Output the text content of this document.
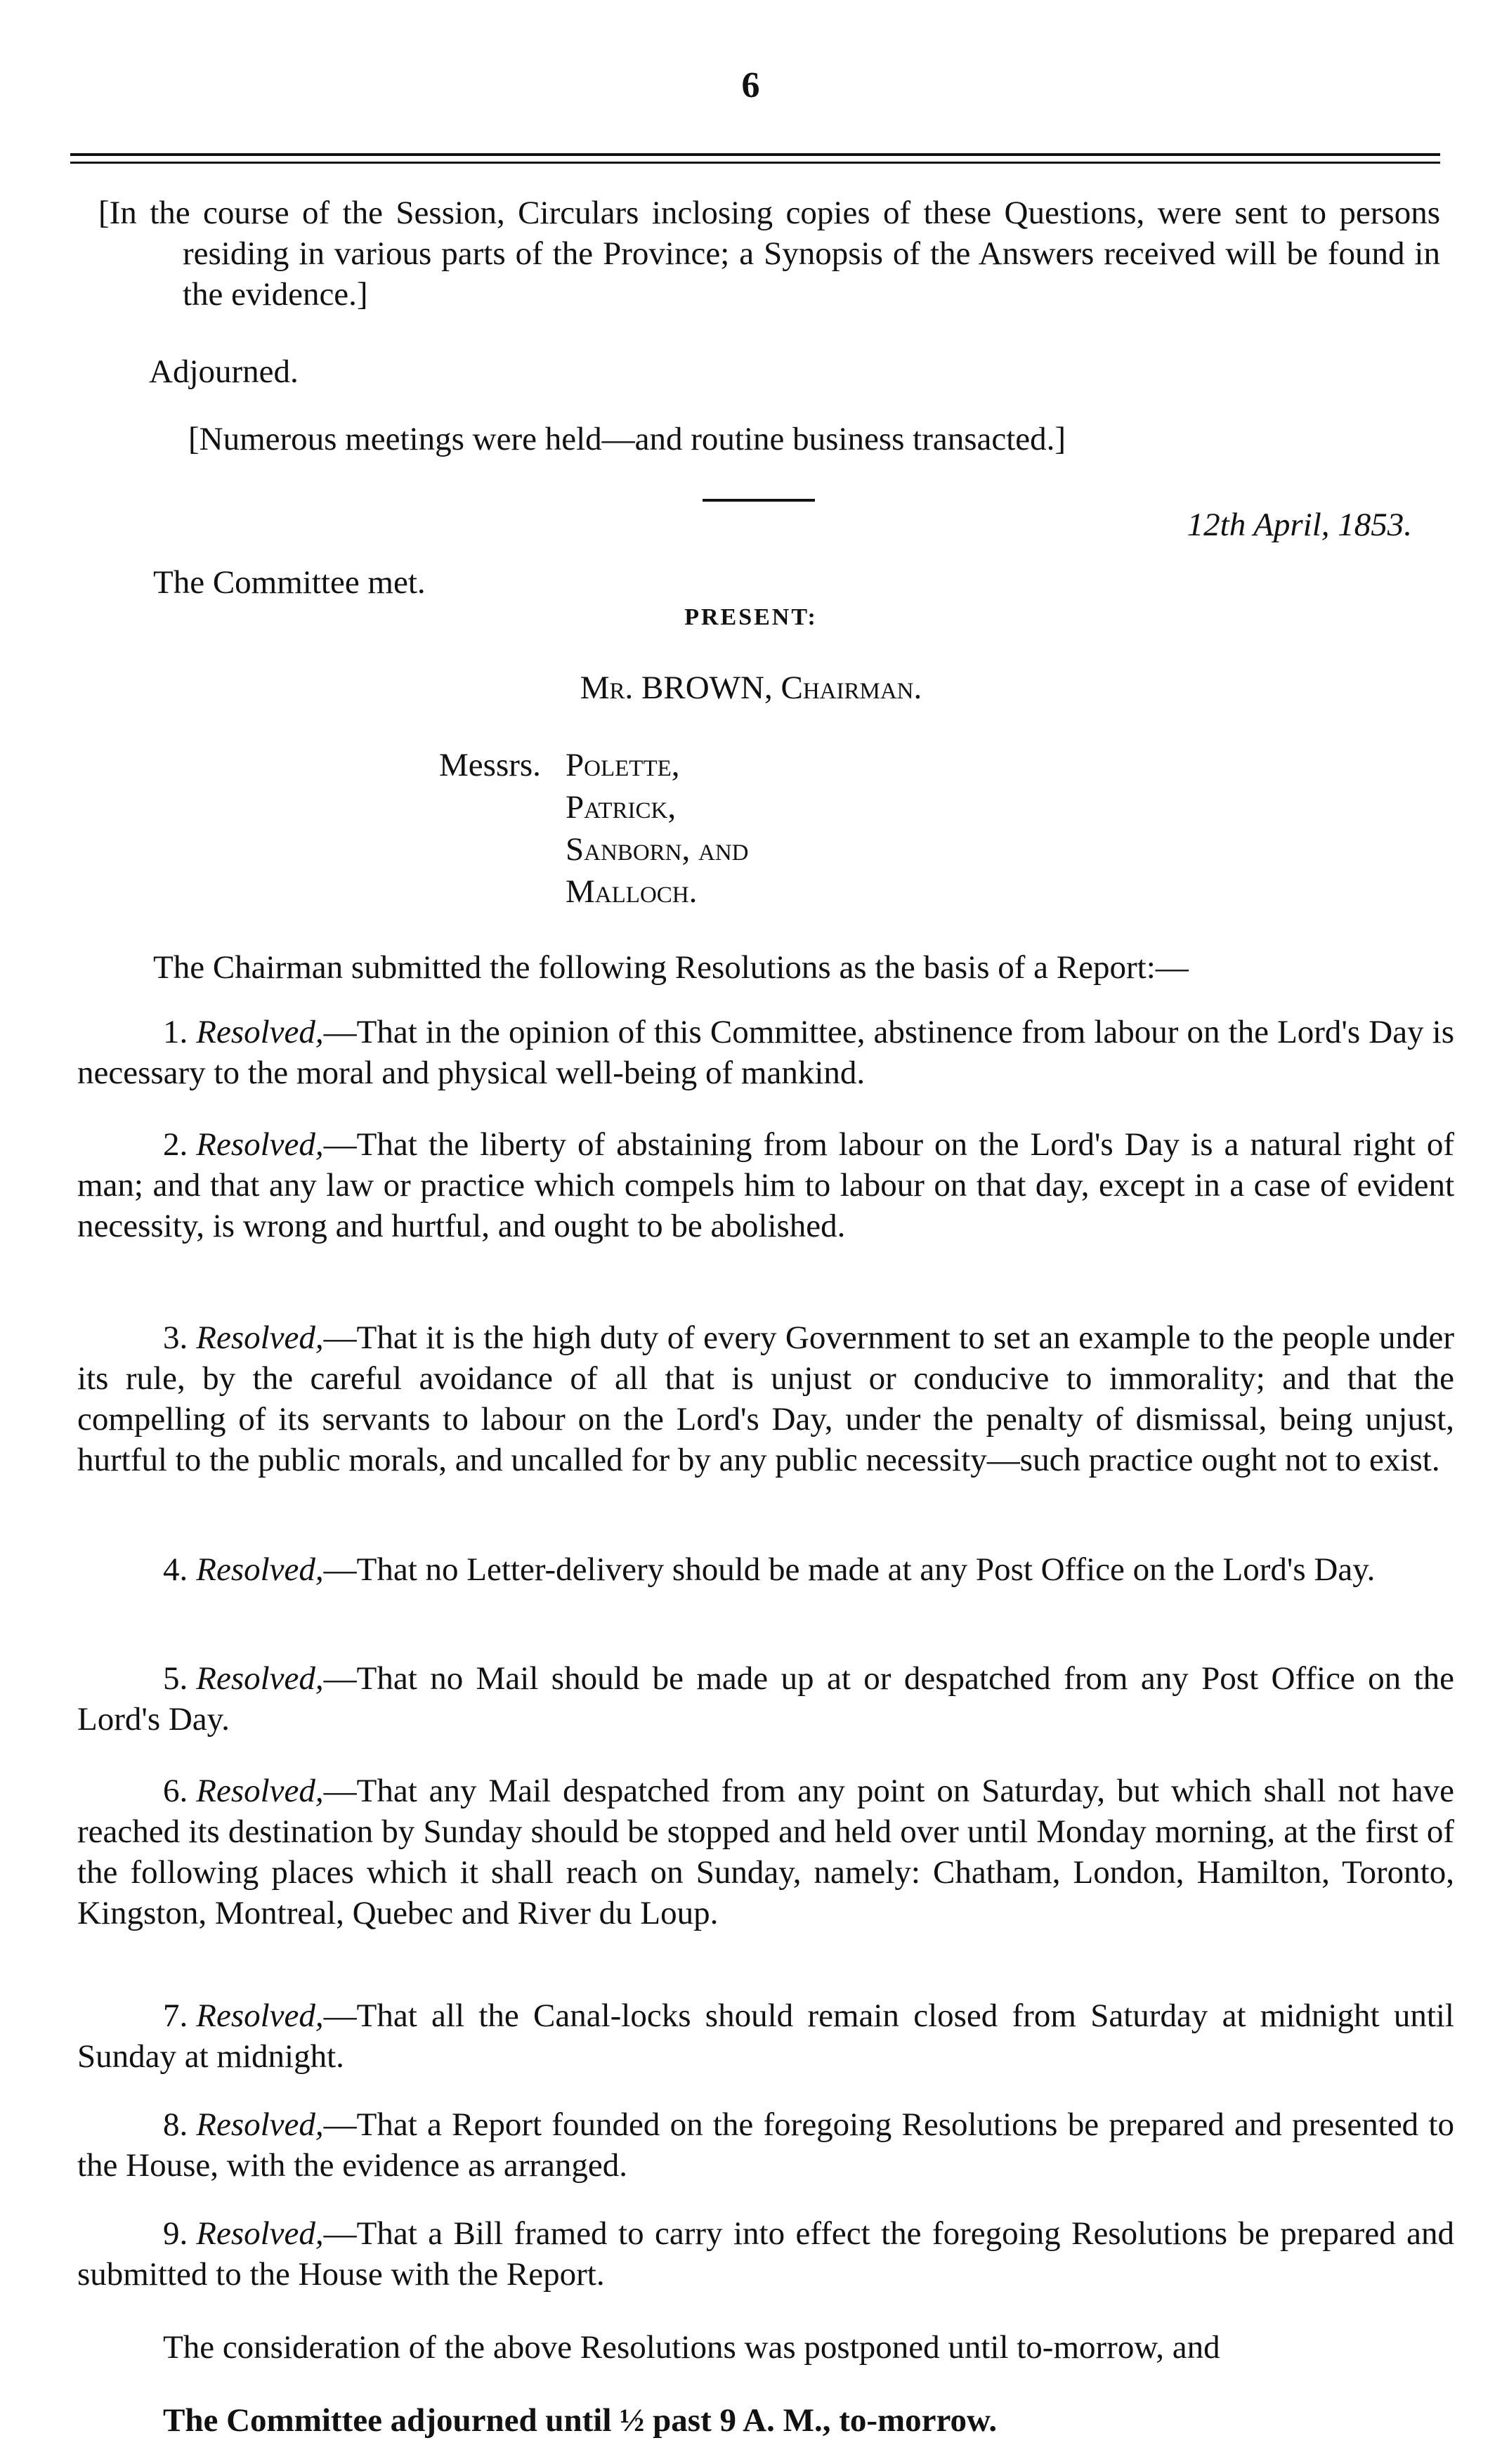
6
[In the course of the Session, Circulars inclosing copies of these Questions, were sent to persons residing in various parts of the Province; a Synopsis of the Answers received will be found in the evidence.]
Adjourned.
[Numerous meetings were held—and routine business transacted.]
12th April, 1853.
The Committee met.
PRESENT:
Mr. BROWN, Chairman.
Messrs. Polette,
Patrick,
Sanborn, and
Malloch.
The Chairman submitted the following Resolutions as the basis of a Report:—
1. Resolved,—That in the opinion of this Committee, abstinence from labour on the Lord's Day is necessary to the moral and physical well-being of mankind.
2. Resolved,—That the liberty of abstaining from labour on the Lord's Day is a natural right of man; and that any law or practice which compels him to labour on that day, except in a case of evident necessity, is wrong and hurtful, and ought to be abolished.
3. Resolved,—That it is the high duty of every Government to set an example to the people under its rule, by the careful avoidance of all that is unjust or conducive to immorality; and that the compelling of its servants to labour on the Lord's Day, under the penalty of dismissal, being unjust, hurtful to the public morals, and uncalled for by any public necessity—such practice ought not to exist.
4. Resolved,—That no Letter-delivery should be made at any Post Office on the Lord's Day.
5. Resolved,—That no Mail should be made up at or despatched from any Post Office on the Lord's Day.
6. Resolved,—That any Mail despatched from any point on Saturday, but which shall not have reached its destination by Sunday should be stopped and held over until Monday morning, at the first of the following places which it shall reach on Sunday, namely: Chatham, London, Hamilton, Toronto, Kingston, Montreal, Quebec and River du Loup.
7. Resolved,—That all the Canal-locks should remain closed from Saturday at midnight until Sunday at midnight.
8. Resolved,—That a Report founded on the foregoing Resolutions be prepared and presented to the House, with the evidence as arranged.
9. Resolved,—That a Bill framed to carry into effect the foregoing Resolutions be prepared and submitted to the House with the Report.
The consideration of the above Resolutions was postponed until to-morrow, and
The Committee adjourned until ½ past 9 A. M., to-morrow.
